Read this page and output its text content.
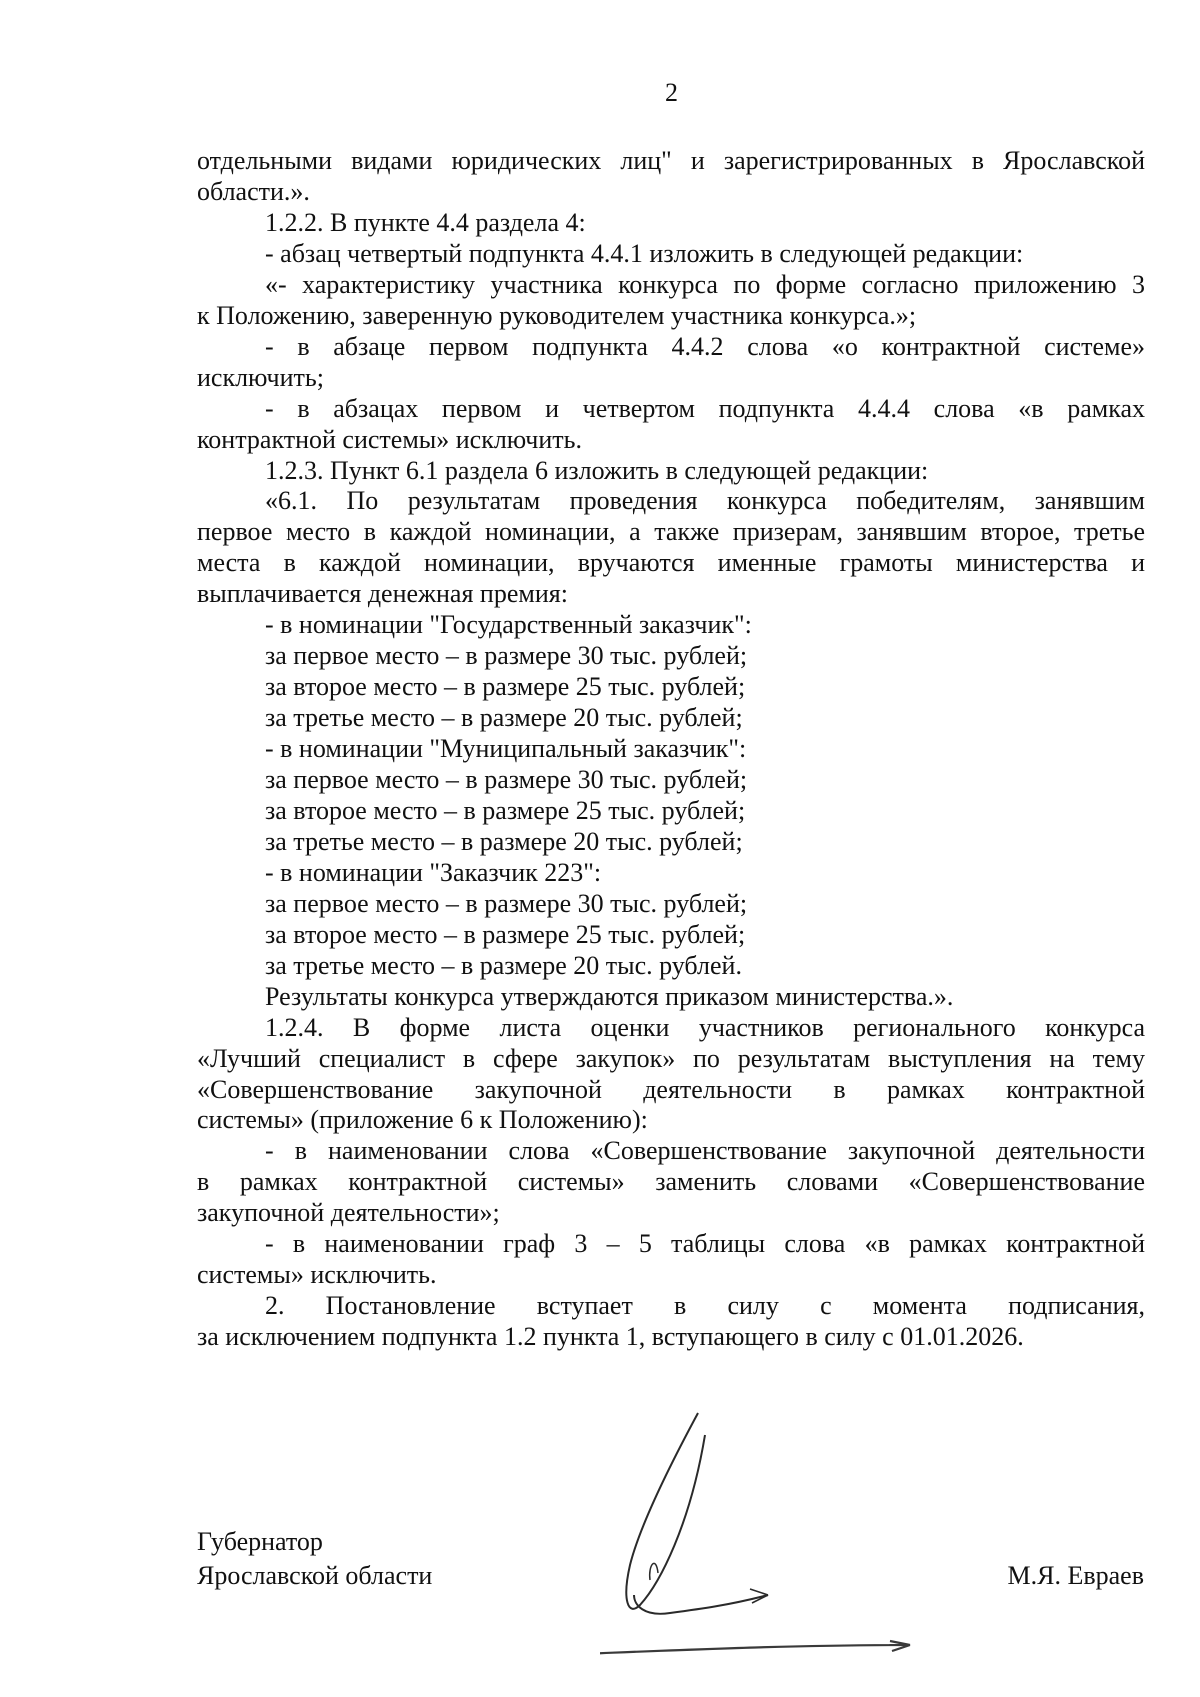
2
отдельными видами юридических лиц" и зарегистрированных в Ярославской
области.».
1.2.2. В пункте 4.4 раздела 4:
- абзац четвертый подпункта 4.4.1 изложить в следующей редакции:
«- характеристику участника конкурса по форме согласно приложению 3
к Положению, заверенную руководителем участника конкурса.»;
- в абзаце первом подпункта 4.4.2 слова «о контрактной системе»
исключить;
- в абзацах первом и четвертом подпункта 4.4.4 слова «в рамках
контрактной системы» исключить.
1.2.3. Пункт 6.1 раздела 6 изложить в следующей редакции:
«6.1. По результатам проведения конкурса победителям, занявшим
первое место в каждой номинации, а также призерам, занявшим второе, третье
места в каждой номинации, вручаются именные грамоты министерства и
выплачивается денежная премия:
- в номинации "Государственный заказчик":
за первое место – в размере 30 тыс. рублей;
за второе место – в размере 25 тыс. рублей;
за третье место – в размере 20 тыс. рублей;
- в номинации "Муниципальный заказчик":
за первое место – в размере 30 тыс. рублей;
за второе место – в размере 25 тыс. рублей;
за третье место – в размере 20 тыс. рублей;
- в номинации "Заказчик 223":
за первое место – в размере 30 тыс. рублей;
за второе место – в размере 25 тыс. рублей;
за третье место – в размере 20 тыс. рублей.
Результаты конкурса утверждаются приказом министерства.».
1.2.4. В форме листа оценки участников регионального конкурса
«Лучший специалист в сфере закупок» по результатам выступления на тему
«Совершенствование закупочной деятельности в рамках контрактной
системы» (приложение 6 к Положению):
- в наименовании слова «Совершенствование закупочной деятельности
в рамках контрактной системы» заменить словами «Совершенствование
закупочной деятельности»;
- в наименовании граф 3 – 5 таблицы слова «в рамках контрактной
системы» исключить.
2. Постановление вступает в силу с момента подписания,
за исключением подпункта 1.2 пункта 1, вступающего в силу с 01.01.2026.
Губернатор
Ярославской области	М.Я. Евраев
